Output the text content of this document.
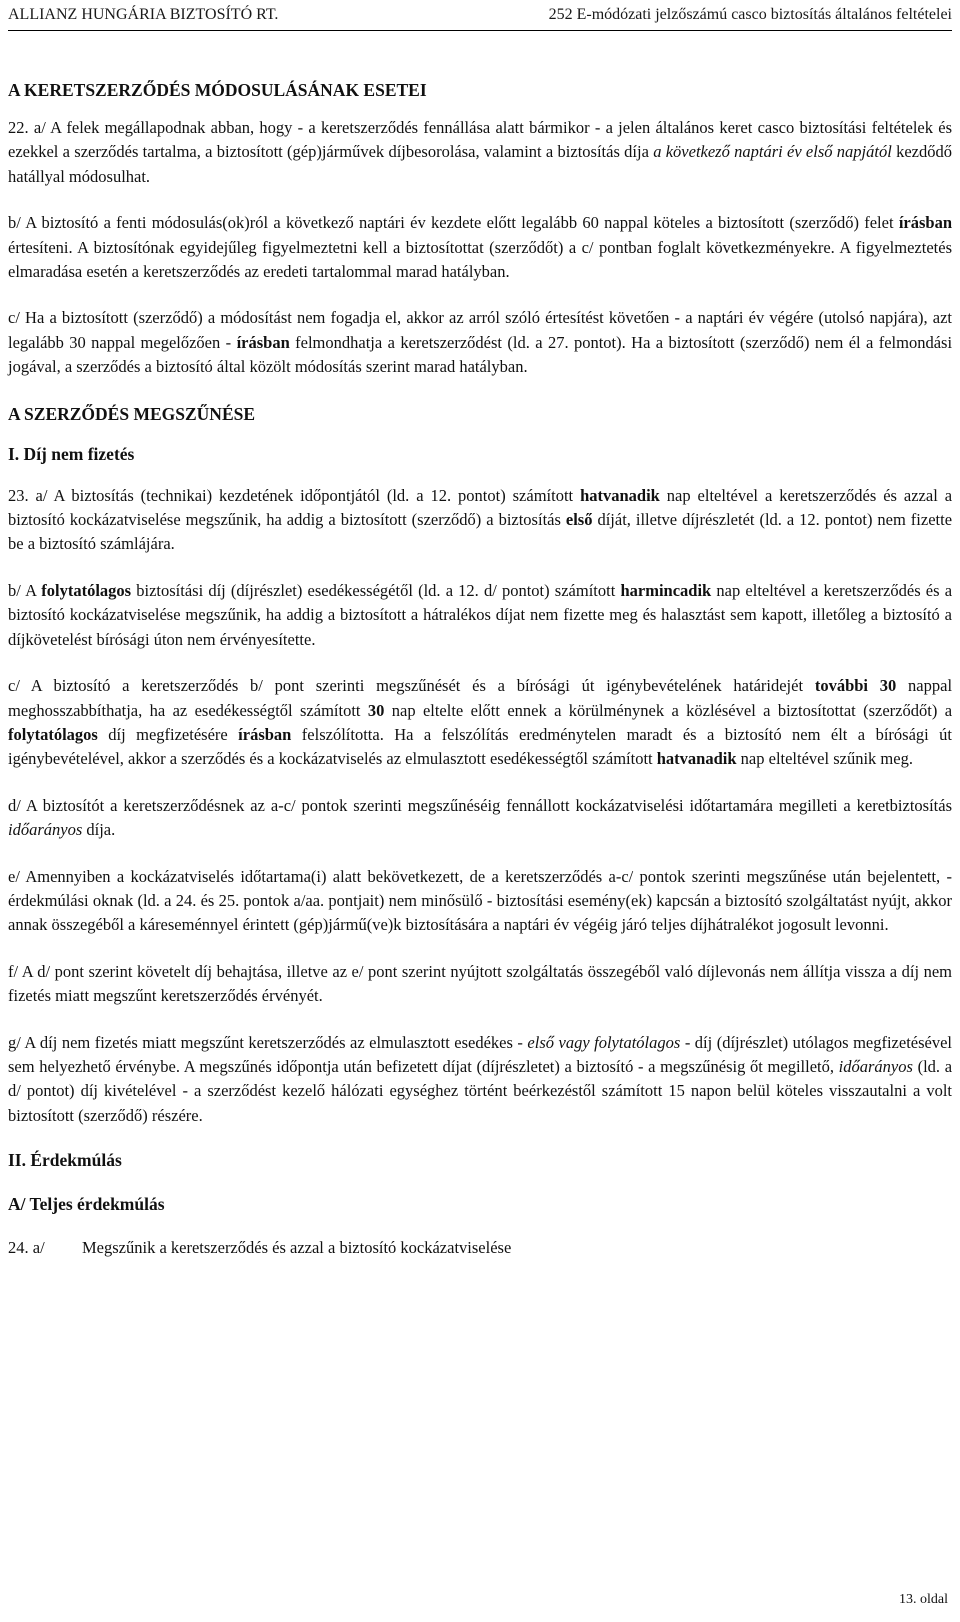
ALLIANZ HUNGÁRIA BIZTOSÍTÓ RT.	252 E-módózati jelzőszámú casco biztosítás általános feltételei
A KERETSZERZŐDÉS MÓDOSULÁSÁNAK ESETEI

22. a/ A felek megállapodnak abban, hogy - a keretszerződés fennállása alatt bármikor - a jelen általános keret casco biztosítási feltételek és ezekkel a szerződés tartalma, a biztosított (gép)járművek díjbesorolása, valamint a biztosítás díja a következő naptári év első napjától kezdődő hatállyal módosulhat.

b/ A biztosító a fenti módosulás(ok)ról a következő naptári év kezdete előtt legalább 60 nappal köteles a biztosított (szerződő) felet írásban értesíteni. A biztosítónak egyidejűleg figyelmeztetni kell a biztosítottat (szerződőt) a c/ pontban foglalt következményekre. A figyelmeztetés elmaradása esetén a keretszerződés az eredeti tartalommal marad hatályban.

c/ Ha a biztosított (szerződő) a módosítást nem fogadja el, akkor az arról szóló értesítést követően - a naptári év végére (utolsó napjára), azt legalább 30 nappal megelőzően - írásban felmondhatja a keretszerződést (ld. a 27. pontot). Ha a biztosított (szerződő) nem él a felmondási jogával, a szerződés a biztosító által közölt módosítás szerint marad hatályban.

A SZERZŐDÉS MEGSZŰNÉSE
I. Díj nem fizetés

23. a/ A biztosítás (technikai) kezdetének időpontjától (ld. a 12. pontot) számított hatvanadik nap elteltével a keretszerződés és azzal a biztosító kockázatviselése megszűnik, ha addig a biztosított (szerződő) a biztosítás első díját, illetve díjrészletét (ld. a 12. pontot) nem fizette be a biztosító számlájára.

b/ A folytatólagos biztosítási díj (díjrészlet) esedékességétől (ld. a 12. d/ pontot) számított harmincadik nap elteltével a keretszerződés és a biztosító kockázatviselése megszűnik, ha addig a biztosított a hátralékos díjat nem fizette meg és halasztást sem kapott, illetőleg a biztosító a díjkövetelést bírósági úton nem érvényesítette.

c/ A biztosító a keretszerződés b/ pont szerinti megszűnését és a bírósági út igénybevételének határidejét további 30 nappal meghosszabbíthatja, ha az esedékességtől számított 30 nap eltelte előtt ennek a körülménynek a közlésével a biztosítottat (szerződőt) a folytatólagos díj megfizetésére írásban felszólította. Ha a felszólítás eredménytelen maradt és a biztosító nem élt a bírósági út igénybevételével, akkor a szerződés és a kockázatviselés az elmulasztott esedékességtől számított hatvanadik nap elteltével szűnik meg.

d/ A biztosítót a keretszerződésnek az a-c/ pontok szerinti megszűnéséig fennállott kockázatviselési időtartamára megilleti a keretbiztosítás időarányos díja.

e/ Amennyiben a kockázatviselés időtartama(i) alatt bekövetkezett, de a keretszerződés a-c/ pontok szerinti megszűnése után bejelentett, - érdekmúlási oknak (ld. a 24. és 25. pontok a/aa. pontjait) nem minősülő - biztosítási esemény(ek) kapcsán a biztosító szolgáltatást nyújt, akkor annak összegéből a káreseménnyel érintett (gép)jármű(ve)k biztosítására a naptári év végéig járó teljes díjhátralékot jogosult levonni.

f/ A d/ pont szerint követelt díj behajtása, illetve az e/ pont szerint nyújtott szolgáltatás összegéből való díjlevonás nem állítja vissza a díj nem fizetés miatt megszűnt keretszerződés érvényét.

g/ A díj nem fizetés miatt megszűnt keretszerződés az elmulasztott esedékes - első vagy folytatólagos - díj (díjrészlet) utólagos megfizetésével sem helyezhető érvénybe. A megszűnés időpontja után befizetett díjat (díjrészletet) a biztosító - a megszűnésig őt megillető, időarányos (ld. a d/ pontot) díj kivételével - a szerződést kezelő hálózati egységhez történt beérkezéstől számított 15 napon belül köteles visszautalni a volt biztosított (szerződő) részére.

II. Érdekmúlás
A/ Teljes érdekmúlás
24. a/	Megszűnik a keretszerződés és azzal a biztosító kockázatviselése
13. oldal
